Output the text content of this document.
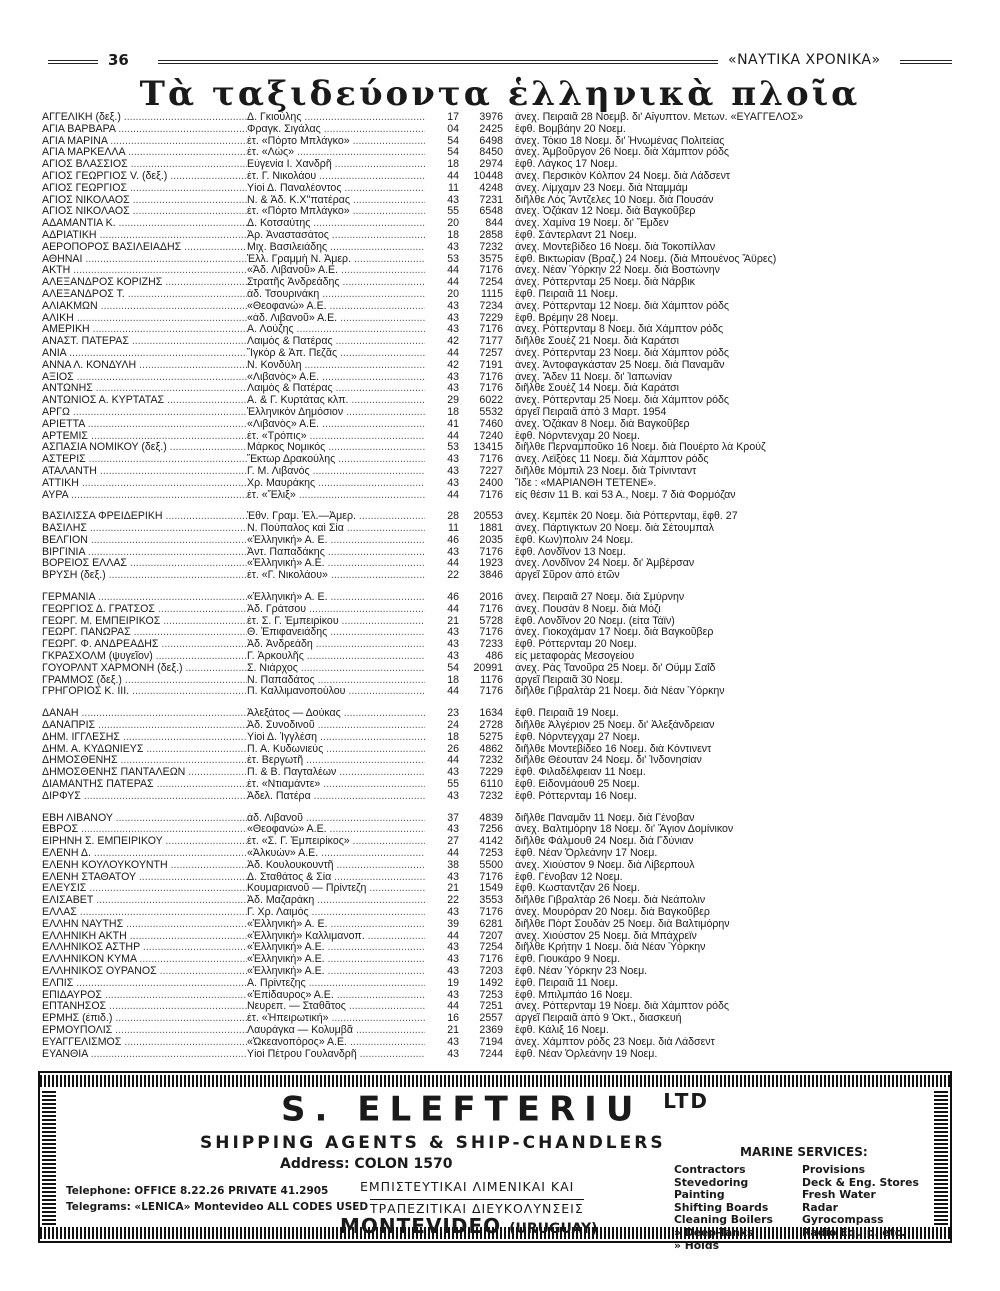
36	«ΝΑΥΤΙΚΑ ΧΡΟΝΙΚΑ»
Τὰ ταξιδεύοντα ἑλληνικὰ πλοῖα
ΑΓΓΕΛΙΚΗ (δεξ.) .....	Δ. Γκιούλης .....	17	3976	ἀνεχ. Πειραιᾶ 28 Νοεμβ. δι' Αἴγυπτον. Μετων. «ΕΥΑΓΓΕΛΟΣ»
ΑΓΙΑ ΒΑΡΒΑΡΑ .....	Φραγκ. Σιγάλας .....	04	2425	ἔφθ. Βομβάην 20 Νοεμ.
ΑΓΙΑ ΜΑΡΙΝΑ .....	ἐτ. «Πόρτο Μπλάγκο» .....	54	6498	ἀνεχ. Τόκιο 18 Νοεμ. δι' Ἡνωμένας Πολιτείας
ΑΓΙΑ ΜΑΡΚΕΛΛΑ .....	ἐτ. «Λώς» .....	54	8450	ἀνεχ. Ἀμβοῦργον 26 Νοεμ. διὰ Χάμπτον ρόδς
ΑΓΙΟΣ ΒΛΑΣΣΙΟΣ .....	Εὐγενία Ι. Χανδρῆ .....	18	2974	ἔφθ. Λάγκος 17 Νοεμ.
ΑΓΙΟΣ ΓΕΩΡΓΙΟΣ V. (δεξ.) .....	ἐτ. Γ. Νικολάου .....	44	10448	ἀνεχ. Περσικὸν Κόλπον 24 Νοεμ. διὰ Λάδσεντ
ΑΓΙΟΣ ΓΕΩΡΓΙΟΣ .....	Υἱοὶ Δ. Παναλέοντος .....	11	4248	ἀνεχ. Λίμχαμν 23 Νοεμ. διὰ Νταμμάμ
ΑΓΙΟΣ ΝΙΚΟΛΑΟΣ .....	Ν. & Ἀδ. Κ.Χ''πατέρας .....	43	7231	διῆλθε Λὸς Ἄντζελες 10 Νοεμ. διὰ Πουσάν
ΑΓΙΟΣ ΝΙΚΟΛΑΟΣ .....	ἐτ. «Πόρτο Μπλάγκο» .....	55	6548	ἀνεχ. Ὀζάκαν 12 Νοεμ. διὰ Βαγκοῦβερ
ΑΔΑΜΑΝΤΙΑ Κ. .....	Δ. Κοτσαύτης .....	20	844	ἀνεχ. Χαμίνα 19 Νοεμ. δι' Ἔμδεν
ΑΔΡΙΑΤΙΚΗ .....	Ἀρ. Ἀναστασάτος .....	18	2858	ἔφθ. Σάντερλαντ 21 Νοεμ.
ΑΕΡΟΠΟΡΟΣ ΒΑΣΙΛΕΙΑΔΗΣ .....	Μιχ. Βασιλειάδης .....	43	7232	ἀνεχ. Μοντεβίδεο 16 Νοεμ. διὰ Τοκοπίλλαν
ΑΘΗΝΑΙ .....	Ἑλλ. Γραμμὴ Ν. Ἀμερ. .....	53	3575	ἔφθ. Βικτωρίαν (Βραζ.) 24 Νοεμ. (διὰ Μπουένος Ἄϋρες)
ΑΚΤΗ .....	«Ἀδ. Λιβανοῦ» Α.Ε. .....	44	7176	ἀνεχ. Νέαν Ὑόρκην 22 Νοεμ. διὰ Βοστώνην
ΑΛΕΞΑΝΔΡΟΣ ΚΟΡΙΖΗΣ .....	Στρατῆς Ἀνδρεάδης .....	44	7254	ἀνεχ. Ρόττερνταμ 25 Νοεμ. διὰ Νάρβικ
ΑΛΕΞΑΝΔΡΟΣ Τ. .....	ἀδ. Τσουρινάκη .....	20	1115	ἔφθ. Πειραιᾶ 11 Νοεμ.
ΑΛΙΑΚΜΩΝ .....	«Θεοφανώ» Α.Ε. .....	43	7234	ἀνεχ. Ρόττερνταμ 12 Νοεμ. διὰ Χάμπτον ρόδς
ΑΛΙΚΗ .....	«ἀδ. Λιβανοῦ» Α.Ε. .....	43	7229	ἔφθ. Βρέμην 28 Νοεμ.
ΑΜΕΡΙΚΗ .....	Α. Λούζης .....	43	7176	ἀνεχ. Ρόττερνταμ 8 Νοεμ. διὰ Χάμπτον ρόδς
ΑΝΑΣΤ. ΠΑΤΕΡΑΣ .....	Λαιμὸς & Πατέρας .....	42	7177	διῆλθε Σουὲζ 21 Νοεμ. διὰ Καράτσι
ΑΝΙΑ .....	Ἴγκὸρ & Ἀπ. Πεζᾶς .....	44	7257	ἀνεχ. Ρόττερνταμ 23 Νοεμ. διὰ Χάμπτον ρόδς
ΑΝΝΑ Λ. ΚΟΝΔΥΛΗ .....	Ν. Κονδύλη .....	42	7191	ἀνεχ. Ἀντοφαγκάσταν 25 Νοεμ. διὰ Παναμᾶν
ΑΞΙΟΣ .....	«Λιβανὸς» Α.Ε. .....	43	7176	ἀνεχ. Ἄδεν 11 Νοεμ. δι' Ἰαπωνίαν
ΑΝΤΩΝΗΣ .....	Λαιμὸς & Πατέρας .....	43	7176	διῆλθε Σουὲζ 14 Νοεμ. διὰ Καράτσι
ΑΝΤΩΝΙΟΣ Α. ΚΥΡΤΑΤΑΣ .....	Α. & Γ. Κυρτάτας κλπ. .....	29	6022	ἀνεχ. Ρόττερνταμ 25 Νοεμ. διὰ Χάμπτον ρόδς
ΑΡΓΩ .....	Ἑλληνικὸν Δημόσιον .....	18	5532	ἀργεῖ Πειραιᾶ ἀπὸ 3 Μαρτ. 1954
ΑΡΙΕΤΤΑ .....	«Λιβανὸς» Α.Ε. .....	41	7460	ἀνεχ. Ὀζάκαν 8 Νοεμ. διὰ Βαγκοῦβερ
ΑΡΤΕΜΙΣ .....	ἐτ. «Τρόπις» .....	44	7240	ἔφθ. Νόρντενχαμ 20 Νοεμ.
ΑΣΠΑΣΙΑ ΝΟΜΙΚΟΥ (δεξ.) .....	Μάρκος Νομικός .....	53	13415	διῆλθε Περναμποῦκο 16 Νοεμ. διὰ Πουέρτο λὰ Κρούζ
ΑΣΤΕΡΙΣ .....	Ἕκτωρ Δρακούλης .....	43	7176	ἀνεχ. Λεϊξόες 11 Νοεμ. διὰ Χάμπτον ρόδς
ΑΤΑΛΑΝΤΗ .....	Γ. Μ. Λιβανός .....	43	7227	διῆλθε Μόμπιλ 23 Νοεμ. διὰ Τρίνινταντ
ΑΤΤΙΚΗ .....	Χρ. Μαυράκης .....	43	2400	Ἴδε : «ΜΑΡΙΑΝΘΗ ΤΕΤΕΝΕ».
ΑΥΡΑ .....	ἐτ. «Ἕλιξ» .....	44	7176	εἰς θέσιν 11 Β. καὶ 53 Α., Νοεμ. 7 διὰ Φορμόζαν
ΒΑΣΙΛΙΣΣΑ ΦΡΕΙΔΕΡΙΚΗ .....	Ἐθν. Γραμ. Ἑλ.—Ἀμερ. .....	28	20553	ἀνεχ. Κεμπὲκ 20 Νοεμ. διὰ Ρόττερνταμ, ἔφθ. 27
ΒΑΣΙΛΗΣ .....	Ν. Πούπαλος καὶ Σία .....	11	1881	ἀνεχ. Πάρτιγκτων 20 Νοεμ. διὰ Σέτουμπαλ
ΒΕΛΓΙΟΝ .....	«Ἑλληνική» Α. Ε. .....	46	2035	ἔφθ. Κων)πολιν 24 Νοεμ.
ΒΙΡΓΙΝΙΑ .....	Ἀντ. Παπαδάκης .....	43	7176	ἔφθ. Λονδῖνον 13 Νοεμ.
ΒΟΡΕΙΟΣ ΕΛΛΑΣ .....	«Ἑλληνική» Α.Ε. .....	44	1923	ἀνεχ. Λονδῖνον 24 Νοεμ. δι' Ἀμβέρσαν
ΒΡΥΣΗ (δεξ.) .....	ἐτ. «Γ. Νικολάου» .....	22	3846	ἀργεῖ Σῦρον ἀπὸ ἐτῶν
ΓΕΡΜΑΝΙΑ .....	«Ἑλληνική» Α. Ε. .....	46	2016	ἀνεχ. Πειραιᾶ 27 Νοεμ. διὰ Σμύρνην
ΓΕΩΡΓΙΟΣ Δ. ΓΡΑΤΣΟΣ .....	Ἀδ. Γράτσου .....	44	7176	ἀνεχ. Πουσὰν 8 Νοεμ. διὰ Μόζι
ΓΕΩΡΓ. Μ. ΕΜΠΕΙΡΙΚΟΣ .....	ἐτ. Σ. Γ. Ἐμπειρίκου .....	21	5728	ἔφθ. Λονδῖνον 20 Νοεμ. (εἶτα Τάϊν)
ΓΕΩΡΓ. ΠΑΝΩΡΑΣ .....	Θ. Ἐπιφανειάδης .....	43	7176	ἀνεχ. Γιοκοχάμαν 17 Νοεμ. διὰ Βαγκοῦβερ
ΓΕΩΡΓ. Φ. ΑΝΔΡΕΑΔΗΣ .....	Ἀδ. Ἀνδρεάδη .....	43	7233	ἔφθ. Ρόττερνταμ 20 Νοεμ.
ΓΚΡΑΣΧΟΛΜ (ψυγεῖον) .....	Γ. Ἀρκουλῆς .....	43	486	εἰς μεταφορὰς Μεσογείου
ΓΟΥΟΡΛΝΤ ΧΑΡΜΟΝΗ (δεξ.) .....	Σ. Νιάρχος .....	54	20991	ἀνεχ. Ρὰς Τανοῦρα 25 Νοεμ. δι' Οὔμμ Σαΐδ
ΓΡΑΜΜΟΣ (δεξ.) .....	Ν. Παπαδάτος .....	18	1176	ἀργεῖ Πειραιᾶ 30 Νοεμ.
ΓΡΗΓΟΡΙΟΣ Κ. III. .....	Π. Καλλιμανοπούλου .....	44	7176	διῆλθε Γιβραλτὰρ 21 Νοεμ. διὰ Νέαν Ὑόρκην
ΔΑΝΑΗ .....	Ἀλεξάτος — Δούκας .....	23	1634	ἔφθ. Πειραιᾶ 19 Νοεμ.
ΔΑΝΑΠΡΙΣ .....	Ἀδ. Συνοδινοῦ .....	24	2728	διῆλθε Ἀλγέριον 25 Νοεμ. δι' Ἀλεξάνδρειαν
ΔΗΜ. ΙΓΓΛΕΣΗΣ .....	Υἱοὶ Δ. Ἰγγλέση .....	18	5275	ἔφθ. Νόρντεγχαμ 27 Νοεμ.
ΔΗΜ. Α. ΚΥΔΩΝΙΕΥΣ .....	Π. Α. Κυδωνιεύς .....	26	4862	διῆλθε Μοντεβίδεο 16 Νοεμ. διὰ Κόντινεντ
ΔΗΜΟΣΘΕΝΗΣ .....	ἐτ. Βεργωτῆ .....	44	7232	διῆλθε Θέουταν 24 Νοεμ. δι' Ἰνδονησίαν
ΔΗΜΟΣΘΕΝΗΣ ΠΑΝΤΑΛΕΩΝ .....	Π. & Β. Παγταλέων .....	43	7229	ἔφθ. Φιλαδέλφειαν 11 Νοεμ.
ΔΙΑΜΑΝΤΗΣ ΠΑΤΕΡΑΣ .....	ἐτ. «Ντιαμάντε» .....	55	6110	ἔφθ. Εἰδονμάουθ 25 Νοεμ.
ΔΙΡΦΥΣ .....	Ἀδελ. Πατέρα .....	43	7232	ἔφθ. Ρόττερνταμ 16 Νοεμ.
ΕΒΗ ΛΙΒΑΝΟΥ .....	ἀδ. Λιβανοῦ .....	37	4839	διῆλθε Παναμᾶν 11 Νοεμ. διὰ Γένοβαν
ΕΒΡΟΣ .....	«Θεοφανώ» Α.Ε. .....	43	7256	ἀνεχ. Βαλτιμόρην 18 Νοεμ. δι' Ἅγιον Δομίνικον
ΕΙΡΗΝΗ Σ. ΕΜΠΕΙΡΙΚΟΥ .....	ἐτ. «Σ. Γ. Ἐμπειρίκος» .....	27	4142	διῆλθε Φάλμουθ 24 Νοεμ. διὰ Γδύνιαν
ΕΛΕΝΗ Δ. .....	«Ἀλκυών» Α.Ε. .....	44	7253	ἔφθ. Νέαν Ὀρλεάνην 17 Νοεμ.
ΕΛΕΝΗ ΚΟΥΛΟΥΚΟΥΝΤΗ .....	Ἀδ. Κουλουκουντῆ .....	38	5500	ἀνεχ. Χιούστον 9 Νοεμ. διὰ Λίβερπουλ
ΕΛΕΝΗ ΣΤΑΘΑΤΟΥ .....	Δ. Σταθάτος & Σία .....	43	7176	ἔφθ. Γένοβαν 12 Νοεμ.
ΕΛΕΥΣΙΣ .....	Κουμαριανοῦ — Πρίντεζη .....	21	1549	ἔφθ. Κωσταντζαν 26 Νοεμ.
ΕΛΙΣΑΒΕΤ .....	Ἀδ. Μαζαράκη .....	22	3553	διῆλθε Γιβραλτὰρ 26 Νοεμ. διὰ Νεάπολιν
ΕΛΛΑΣ .....	Γ. Χρ. Λαιμός .....	43	7176	ἀνεχ. Μουρόραν 20 Νοεμ. διὰ Βαγκοῦβερ
ΕΛΛΗΝ ΝΑΥΤΗΣ .....	«Ἑλληνική» Α. Ε. .....	39	6281	διῆλθε Πὸρτ Σουδὰν 25 Νοεμ. διὰ Βαλτιμόρην
ΕΛΛΗΝΙΚΗ ΑΚΤΗ .....	«Ἑλληνική» Καλλιμανοπ. .....	44	7207	ἀνεχ. Χιούστον 25 Νοεμ. διὰ Μπάχρεϊν
ΕΛΛΗΝΙΚΟΣ ΑΣΤΗΡ .....	«Ἑλληνική» Α.Ε. .....	43	7254	διῆλθε Κρήτην 1 Νοεμ. διὰ Νέαν Ὑόρκην
ΕΛΛΗΝΙΚΟΝ ΚΥΜΑ .....	«Ἑλληνική» Α.Ε. .....	43	7176	ἔφθ. Γιουκάρο 9 Νοεμ.
ΕΛΛΗΝΙΚΟΣ ΟΥΡΑΝΟΣ .....	«Ἑλληνική» Α.Ε. .....	43	7203	ἔφθ. Νέαν Ὑόρκην 23 Νοεμ.
ΕΛΠΙΣ .....	Α. Πρίντεζης .....	19	1492	ἔφθ. Πειραιᾶ 11 Νοεμ.
ΕΠΙΔΑΥΡΟΣ .....	«Ἐπίδαυρος» Α.Ε. .....	43	7253	ἔφθ. Μπιλμπάο 16 Νοεμ.
ΕΠΤΑΝΗΣΟΣ .....	Νευρεπ. — Σταθᾶτος .....	44	7251	ἀνεχ. Ρόττερνταμ 19 Νοεμ. διὰ Χάμπτον ρόδς
ΕΡΜΗΣ (ἐπιδ.) .....	ἐτ. «Ἠπειρωτική» .....	16	2557	ἀργεῖ Πειραιᾶ ἀπὸ 9 Ὀκτ., διασκευή
ΕΡΜΟΥΠΟΛΙΣ .....	Λαυράγκα — Κολυμβᾶ .....	21	2369	ἔφθ. Κάλιξ 16 Νοεμ.
ΕΥΑΓΓΕΛΙΣΜΟΣ .....	«Ὠκεανοπόρος» Α.Ε. .....	43	7194	ἀνεχ. Χάμπτον ρόδς 23 Νοεμ. διὰ Λάδσεντ
ΕΥΑΝΘΙΑ .....	Υἱοὶ Πέτρου Γουλανδρῆ .....	43	7244	ἔφθ. Νέαν Ὀρλεάνην 19 Νοεμ.
S. ELEFTERIU $^{LTD}$
SHIPPING AGENTS & SHIP-CHANDLERS
Address: COLON 1570
Telephone: OFFICE 8.22.26 PRIVATE 41.2905
Telegrams: «LENICA» Montevideo ALL CODES USED
ΕΜΠΙΣΤΕΥΤΙΚΑΙ ΛΙΜΕΝΙΚΑΙ ΚΑΙ
ΤΡΑΠΕΖΙΤΙΚΑΙ ΔΙΕΥΚΟΛΥΝΣΕΙΣ
MONTEVIDEO (URUGUAY)
MARINE SERVICES:
Contractors
Stevedoring
Painting
Shifting Boards
Cleaning Boilers
» Deep-Tanks
» Holds
Provisions
Deck & Eng. Stores
Fresh Water
Radar
Gyrocompass
Radio Equip. etc.
